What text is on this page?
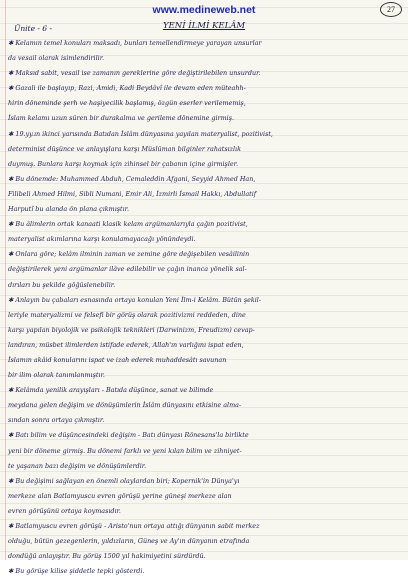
www.medineweb.net	27
Ünite - 6 -	YENİ İLMİ KELÂM
✱ Kelamın temel konuları maksadı, bunları temellendirmeye yarayan unsurlar
da vesail olarak isimlendirilir.
✱ Maksıd sabit, vesail ise zamanın gereklerine göre değiştirilebilen unsurdur.
✱ Gazali ile başlayıp, Razi, Amidi, Kadi Beydâvî ile devam eden müteahh-
hirin döneminde şerh ve haşiyecilik başlamış, özgün eserler verilememiş,
İslam kelamı uzun süren bir durakalma ve gerileme dönemine girmiş.
✱ 19.yy.ın ikinci yarısında Batıdan İslâm dünyasına yayılan materyalist, pozitivist,
determinist düşünce ve anlayışlara karşı Müslüman bilginler rahatsızlık
duymuş. Bunlara karşı koymak için zihinsel bir çabanın içine girmişler.
✱ Bu dönemde: Muhammed Abduh, Cemaleddin Afgani, Seyyid Ahmed Han,
Filibeli Ahmed Hilmi, Sibli Numani, Emir Ali, İzmirli İsmail Hakkı, Abdullatif
Harputî bu alanda ön plana çıkmıştır.
✱ Bu âlimlerin ortak kanaati klasik kelam argümanlarıyla çağın pozitivist,
materyalist akımlarına karşı konulamayacağı yönündeydi.
✱ Onlara göre; kelâm ilminin zaman ve zemine göre değişebilen vesâilinin
değiştirilerek yeni argümanlar ilâve edilebilir ve çağın inanca yönelik sal-
dırıları bu şekilde göğüslenebilir.
✱ Anlayın bu çabaları esnasında ortaya konulan Yeni İlm-i Kelâm. Bütün şekil-
leriyle materyalizmi ve felsefi bir görüş olarak pozitivizmi reddeden, dine
karşı yapılan biyolojik ve psikolojik teknikleri (Darwinizm, Freudizm) cevap-
landıran, müsbet ilimlerden istifade ederek, Allah'ın varlığını ispat eden,
İslamın akâid konularını ispat ve izah ederek muhaddesâtı savunan
bir ilim olarak tanımlanmıştır.
✱ Kelâmda yenilik arayışları - Batıda düşünce, sanat ve bilimde
meydana gelen değişim ve dönüşümlerin İslâm dünyasını etkisine alma-
sından sonra ortaya çıkmıştır.
✱ Batı bilim ve düşüncesindeki değişim - Batı dünyası Rönesans'la birlikte
yeni bir döneme girmiş. Bu dönemi farklı ve yeni kılan bilim ve zihniyet-
te yaşanan bazı değişim ve dönüşümlerdir.
✱ Bu değişimi sağlayan en önemli olaylardan biri; Kopernik'in Dünya'yı
merkeze alan Batlamyuscu evren görüşü yerine güneşi merkeze alan
evren görüşünü ortaya koymasıdır.
✱ Batlamyuscu evren görüşü - Aristo'nun ortaya attığı dünyanın sabit merkez
olduğu, bütün gezegenlerin, yıldızların, Güneş ve Ay'ın dünyanın etrafında
dondüğü anlayıştır. Bu görüş 1500 yıl hakimiyetini sürdürdü.
✱ Bu görüşe kilise şiddetle tepki gösterdi.
